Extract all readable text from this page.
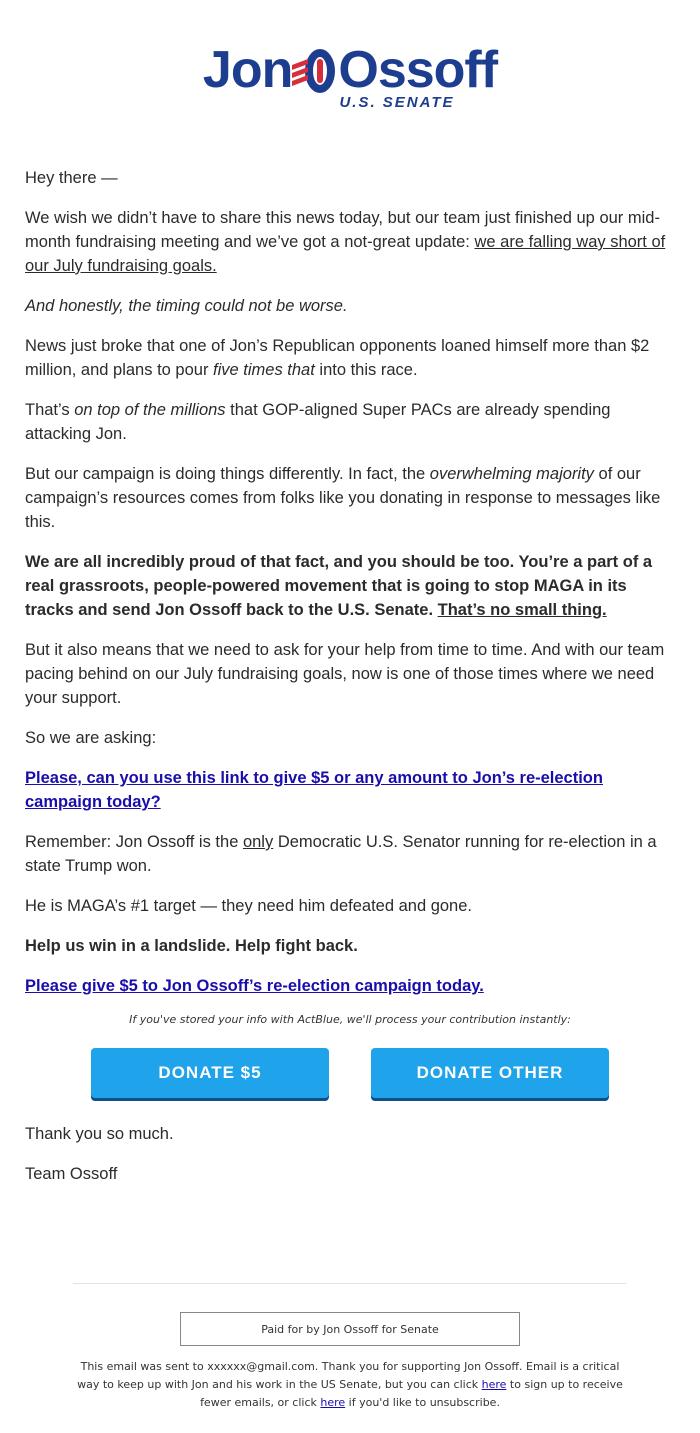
Jon Ossoff
U.S. SENATE

Hey there —

We wish we didn’t have to share this news today, but our team just finished up our mid-month fundraising meeting and we’ve got a not-great update: we are falling way short of our July fundraising goals.

And honestly, the timing could not be worse.

News just broke that one of Jon’s Republican opponents loaned himself more than $2 million, and plans to pour five times that into this race.

That’s on top of the millions that GOP-aligned Super PACs are already spending attacking Jon.

But our campaign is doing things differently. In fact, the overwhelming majority of our campaign’s resources comes from folks like you donating in response to messages like this.

We are all incredibly proud of that fact, and you should be too. You’re a part of a real grassroots, people-powered movement that is going to stop MAGA in its tracks and send Jon Ossoff back to the U.S. Senate. That’s no small thing.

But it also means that we need to ask for your help from time to time. And with our team pacing behind on our July fundraising goals, now is one of those times where we need your support.

So we are asking:

Please, can you use this link to give $5 or any amount to Jon’s re-election campaign today?

Remember: Jon Ossoff is the only Democratic U.S. Senator running for re-election in a state Trump won.

He is MAGA’s #1 target — they need him defeated and gone.

Help us win in a landslide. Help fight back.

Please give $5 to Jon Ossoff’s re-election campaign today.

If you've stored your info with ActBlue, we'll process your contribution instantly:
DONATE $5	DONATE OTHER

Thank you so much.

Team Ossoff

Paid for by Jon Ossoff for Senate
This email was sent to xxxxxx@gmail.com. Thank you for supporting Jon Ossoff. Email is a critical way to keep up with Jon and his work in the US Senate, but you can click here to sign up to receive fewer emails, or click here if you'd like to unsubscribe.
